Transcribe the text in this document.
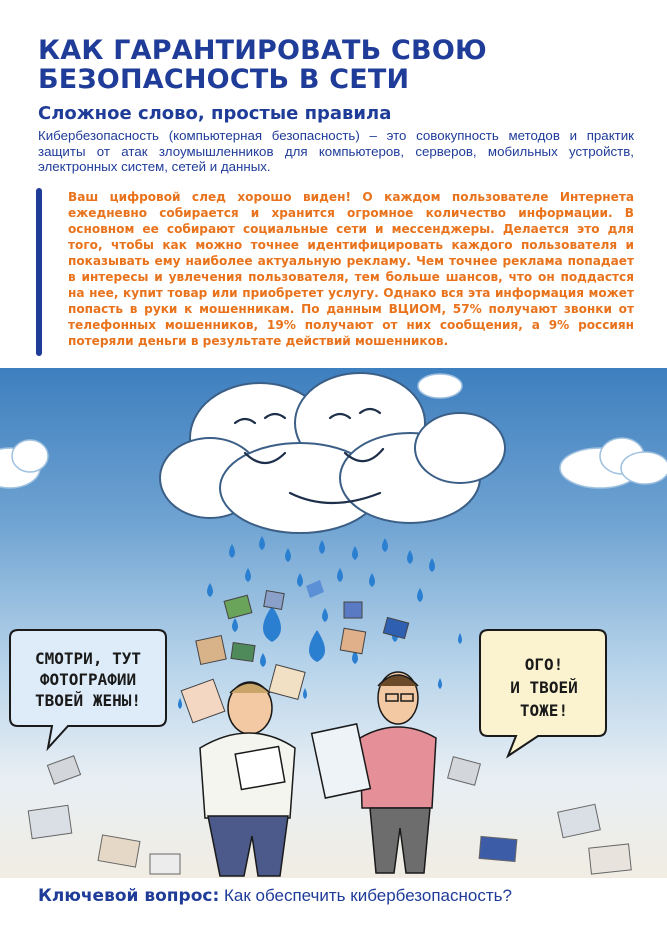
КАК ГАРАНТИРОВАТЬ СВОЮ
БЕЗОПАСНОСТЬ В СЕТИ
Сложное слово, простые правила

Кибербезопасность (компьютерная безопасность) – это совокупность методов и практик защиты от атак злоумышленников для компьютеров, серверов, мобильных устройств, электронных систем, сетей и данных.

Ваш цифровой след хорошо виден! О каждом пользователе Интернета ежедневно собирается и хранится огромное количество информации. В основном ее собирают социальные сети и мессенджеры. Делается это для того, чтобы как можно точнее идентифицировать каждого пользователя и показывать ему наиболее актуальную рекламу. Чем точнее реклама попадает в интересы и увлечения пользователя, тем больше шансов, что он поддастся на нее, купит товар или приобретет услугу. Однако вся эта информация может попасть в руки к мошенникам. По данным ВЦИОМ, 57% получают звонки от телефонных мошенников, 19% получают от них сообщения, а 9% россиян потеряли деньги в результате действий мошенников.

СМОТРИ, ТУТ
ФОТОГРАФИИ
ТВОЕЙ ЖЕНЫ!
ОГО!
И ТВОЕЙ
ТОЖЕ!
Ключевой вопрос: Как обеспечить кибербезопасность?
